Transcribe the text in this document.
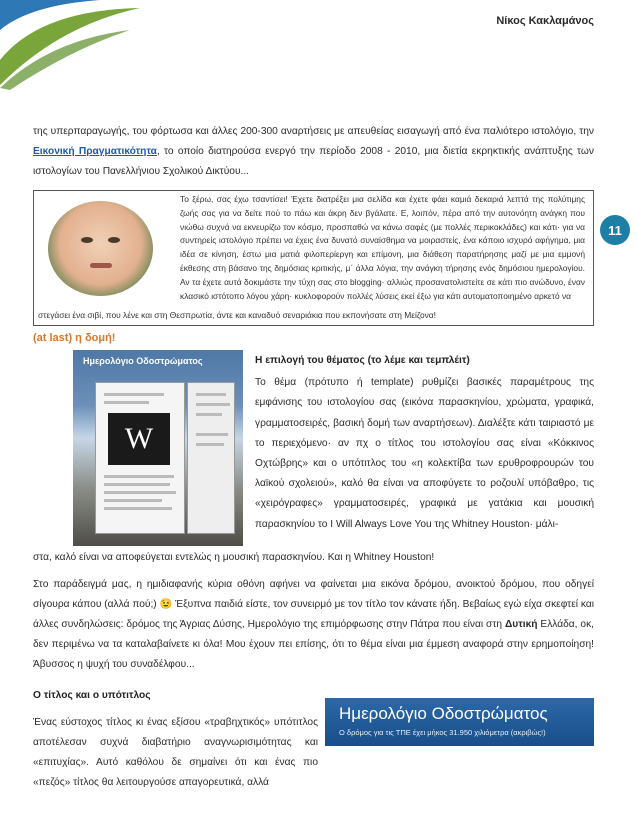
Νίκος Κακλαμάνος
11

της υπερπαραγωγής, του φόρτωσα και άλλες 200-300 αναρτήσεις με απευθείας εισαγωγή από ένα παλιότερο ιστολόγιο, την Εικονική Πραγματικότητα, το οποίο διατηρούσα ενεργό την περίοδο 2008 - 2010, μια διετία εκρηκτικής ανάπτυξης των ιστολογίων του Πανελλήνιου Σχολικού Δικτύου...

Το ξέρω, σας έχω τσαντίσει! Έχετε διατρέξει μια σελίδα και έχετε φάει καμιά δεκαριά λεπτά της πολύτιμης ζωής σας για να δείτε πού το πάω και άκρη δεν βγάλατε. Ε, λοιπόν, πέρα από την αυτονόητη ανάγκη που νιώθω συχνά να εκνευρίζω τον κόσμο, προσπαθώ να κάνω σαφές (με πολλές περικοκλάδες) και κάτι· για να συντηρείς ιστολόγιο πρέπει να έχεις ένα δυνατό συναίσθημα να μοιραστείς, ένα κάποιο ισχυρό αφήγημα, μια ιδέα σε κίνηση, έστω μια ματιά φιλοπερίεργη και επίμονη, μια διάθεση παρατήρησης μαζί με μια εμμονή έκθεσης στη βάσανο της δημόσιας κριτικής, μ΄ άλλα λόγια, την ανάγκη τήρησης ενός δημόσιου ημερολογίου. Αν τα έχετε αυτά δοκιμάστε την τύχη σας στο blogging· αλλιώς προσανατολιστείτε σε κάτι πιο ανώδυνο, έναν κλασικό ιστότοπο λόγου χάρη· κυκλοφορούν πολλές λύσεις εκεί έξω για κάτι αυτοματοποιημένο αρκετό να
στεγάσει ένα σιβί, που λένε και στη Θεσπρωτία, άντε και καναδυό σεναριάκια που εκπονήσατε στη Μείζονα!
(at last) η δομή!
Ημερολόγιο Οδοστρώματος
W
Η επιλογή του θέματος (το λέμε και τεμπλέιτ)

Το θέμα (πρότυπο ή template) ρυθμίζει βασικές παραμέτρους της εμφάνισης του ιστολογίου σας (εικόνα παρασκηνίου, χρώματα, γραφικά, γραμματοσειρές, βασική δομή των αναρτήσεων). Διαλέξτε κάτι ταιριαστό με το περιεχόμενο· αν πχ ο τίτλος του ιστολογίου σας είναι «Κόκκινος Οχτώβρης» και ο υπότιτλος του «η κολεκτίβα των ερυθροφρουρών του λαϊκού σχολειού», καλό θα είναι να αποφύγετε το ροζουλί υπόβαθρο, τις «χειρόγραφες» γραμματοσειρές, γραφικά με γατάκια και μουσική παρασκηνίου το I Will Always Love You της Whitney Houston· μάλι-

στα, καλό είναι να αποφεύγεται εντελώς η μουσική παρασκηνίου. Και η Whitney Houston!

Στο παράδειγμά μας, η ημιδιαφανής κύρια οθόνη αφήνει να φαίνεται μια εικόνα δρόμου, ανοικτού δρόμου, που οδηγεί σίγουρα κάπου (αλλά πού;) 😉 Έξυπνα παιδιά είστε, τον συνειρμό με τον τίτλο τον κάνατε ήδη. Βεβαίως εγώ είχα σκεφτεί και άλλες συνδηλώσεις: δρόμος της Άγριας Δύσης, Ημερολόγιο της επιμόρφωσης στην Πάτρα που είναι στη Δυτική Ελλάδα, οκ, δεν περιμένω να τα καταλαβαίνετε κι όλα! Μου έχουν πει επίσης, ότι το θέμα είναι μια έμμεση αναφορά στην ερημοποίηση! Άβυσσος η ψυχή του συναδέλφου...

Ο τίτλος και ο υπότιτλος
Ημερολόγιο Οδοστρώματος
Ο δρόμος για τις ΤΠΕ έχει μήκος 31.950 χιλιόμετρα (ακριβώς!)
Ένας εύστοχος τίτλος κι ένας εξίσου «τραβηχτικός» υπότιτλος αποτέλεσαν συχνά διαβατήριο αναγνωρισιμότητας και «επιτυχίας». Αυτό καθόλου δε σημαίνει ότι και ένας πιο «πεζός» τίτλος θα λειτουργούσε απαγορευτικά, αλλά
